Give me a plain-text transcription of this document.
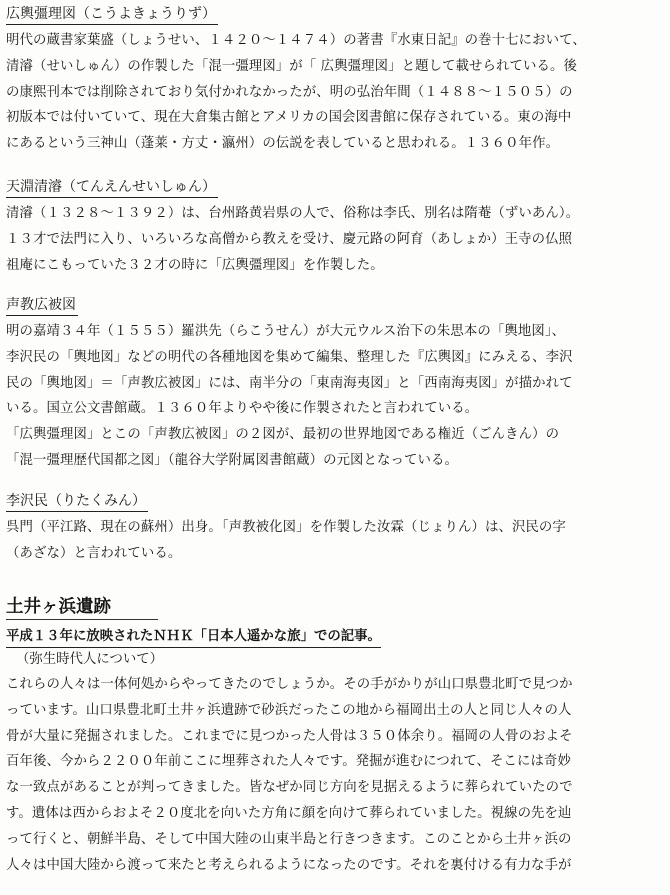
広輿彊理図（こうよきょうりず）

明代の蔵書家葉盛（しょうせい、１４２０～１４７４）の著書『水東日記』の巻十七において、

清濬（せいしゅん）の作製した「混一彊理図」が「 広輿彊理図」と題して載せられている。後

の康熙刊本では削除されており気付かれなかったが、明の弘治年間（１４８８～１５０５）の

初版本では付いていて、現在大倉集古館とアメリカの国会図書館に保存されている。東の海中

にあるという三神山（蓬莱・方丈・瀛州）の伝説を表していると思われる。１３６０年作。

天淵清濬（てんえんせいしゅん）

清濬（１３２８～１３９２）は、台州路黄岩県の人で、俗称は李氏、別名は隋菴（ずいあん）。

１３才で法門に入り、いろいろな高僧から教えを受け、慶元路の阿育（あしょか）王寺の仏照

祖庵にこもっていた３２才の時に「広輿彊理図」を作製した。

声教広被図

明の嘉靖３４年（１５５５）羅洪先（らこうせん）が大元ウルス治下の朱思本の「輿地図」、

李沢民の「輿地図」などの明代の各種地図を集めて編集、整理した『広輿図』にみえる、李沢

民の「輿地図」＝「声教広被図」には、南半分の「東南海夷図」と「西南海夷図」が描かれて

いる。国立公文書館蔵。１３６０年よりやや後に作製されたと言われている。

「広輿彊理図」とこの「声教広被図」の２図が、最初の世界地図である権近（ごんきん）の

「混一彊理歴代国都之図」（龍谷大学附属図書館蔵）の元図となっている。

李沢民（りたくみん）

呉門（平江路、現在の蘇州）出身。「声教被化図」を作製した汝霖（じょりん）は、沢民の字

（あざな）と言われている。

土井ヶ浜遺跡
平成１３年に放映されたＮＨＫ「日本人遥かな旅」での記事。

（弥生時代人について）

これらの人々は一体何処からやってきたのでしょうか。その手がかりが山口県豊北町で見つか

っています。山口県豊北町土井ヶ浜遺跡で砂浜だったこの地から福岡出土の人と同じ人々の人

骨が大量に発掘されました。これまでに見つかった人骨は３５０体余り。福岡の人骨のおよそ

百年後、今から２２００年前ここに埋葬された人々です。発掘が進むにつれて、そこには奇妙

な一致点があることが判ってきました。皆なぜか同じ方向を見据えるように葬られていたので

す。遺体は西からおよそ２０度北を向いた方角に顔を向けて葬られていました。視線の先を辿

って行くと、朝鮮半島、そして中国大陸の山東半島と行きつきます。このことから土井ヶ浜の

人々は中国大陸から渡って来たと考えられるようになったのです。それを裏付ける有力な手が
